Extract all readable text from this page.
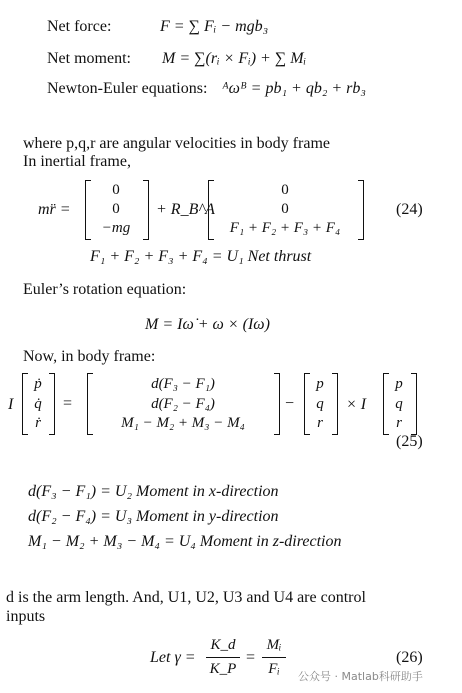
Net force:	F = ∑ Fᵢ − mgb₃
Net moment: M = ∑(rᵢ × Fᵢ) + ∑ Mᵢ
Newton-Euler equations: ᴬωᴮ = pb₁ + qb₂ + rb₃
where p,q,r are angular velocities in body frame
In inertial frame,
mr̈ =
0
0
−mg
+ R_B^A
0
0
F₁ + F₂ + F₃ + F₄
(24)
F₁ + F₂ + F₃ + F₄ = U₁ Net thrust
Euler’s rotation equation:
M = Iω̇ + ω × (Iω)
Now, in body frame:
I
ṗ
q̇
ṙ
=
d(F₃ − F₁)
d(F₂ − F₄)
M₁ − M₂ + M₃ − M₄
−
p
q
r
× I
p
q
r
(25)
d(F₃ − F₁) = U₂ Moment in x-direction
d(F₂ − F₄) = U₃ Moment in y-direction
M₁ − M₂ + M₃ − M₄ = U₄ Moment in z-direction
d is the arm length. And, U1, U2, U3 and U4 are control
inputs
Let γ =
K_d
K_P
=
Mᵢ
Fᵢ
(26)
公众号 · Matlab科研助手
